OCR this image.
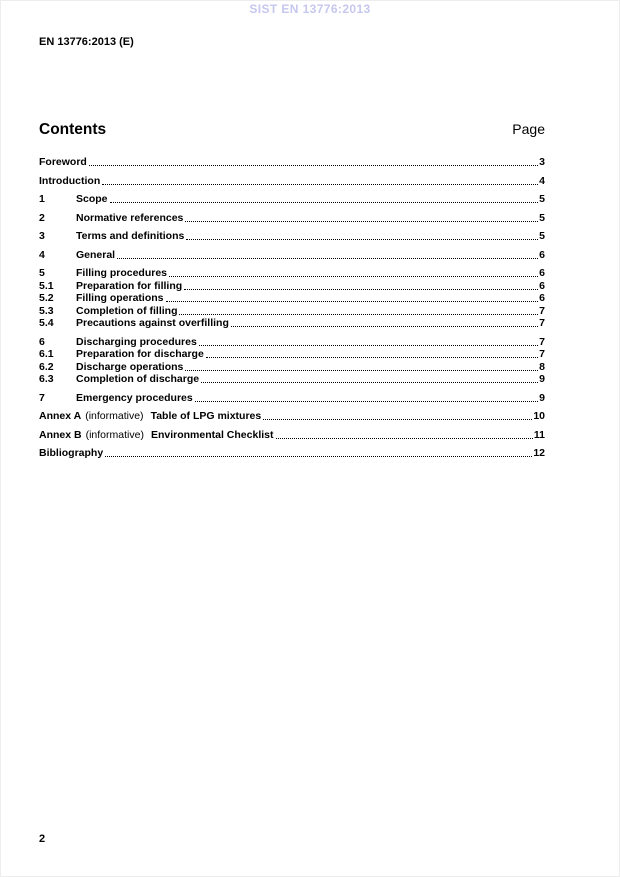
SIST EN 13776:2013
EN 13776:2013 (E)
Contents	Page
Foreword	3
Introduction	4
1	Scope	5
2	Normative references	5
3	Terms and definitions	5
4	General	6
5	Filling procedures	6
5.1	Preparation for filling	6
5.2	Filling operations	6
5.3	Completion of filling	7
5.4	Precautions against overfilling	7
6	Discharging procedures	7
6.1	Preparation for discharge	7
6.2	Discharge operations	8
6.3	Completion of discharge	9
7	Emergency procedures	9
Annex A (informative) Table of LPG mixtures	10
Annex B (informative) Environmental Checklist	11
Bibliography	12
2
